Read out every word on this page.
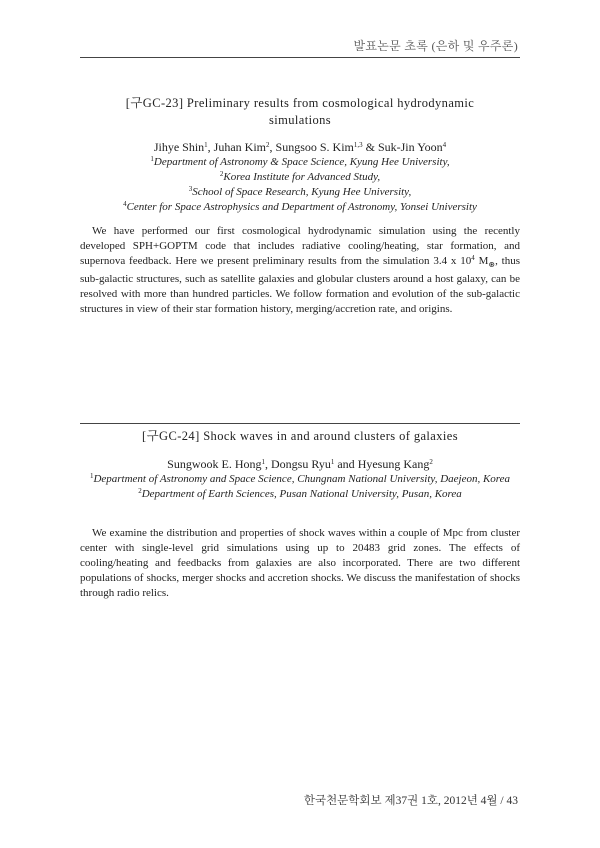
발표논문 초록 (은하 및 우주론)
[구GC-23] Preliminary results from cosmological hydrodynamic
simulations
Jihye Shin$^1$, Juhan Kim$^2$, Sungsoo S. Kim$^{1,3}$ & Suk-Jin Yoon$^4$
$^1$Department of Astronomy & Space Science, Kyung Hee University,
$^2$Korea Institute for Advanced Study,
$^3$School of Space Research, Kyung Hee University,
$^4$Center for Space Astrophysics and Department of Astronomy, Yonsei University

We have performed our first cosmological hydrodynamic simulation using the recently developed SPH+GOPTM code that includes radiative cooling/heating, star formation, and supernova feedback. Here we present preliminary results from the simulation 3.4 x $10^4$ $M_⊛$, thus sub-galactic structures, such as satellite galaxies and globular clusters around a host galaxy, can be resolved with more than hundred particles. We follow formation and evolution of the sub-galactic structures in view of their star formation history, merging/accretion rate, and origins.

[구GC-24] Shock waves in and around clusters of galaxies
Sungwook E. Hong$^1$, Dongsu Ryu$^1$ and Hyesung Kang$^2$
$^1$Department of Astronomy and Space Science, Chungnam National University, Daejeon, Korea
$^2$Department of Earth Sciences, Pusan National University, Pusan, Korea

We examine the distribution and properties of shock waves within a couple of Mpc from cluster center with single-level grid simulations using up to 20483 grid zones. The effects of cooling/heating and feedbacks from galaxies are also incorporated. There are two different populations of shocks, merger shocks and accretion shocks. We discuss the manifestation of shocks through radio relics.

한국천문학회보 제37권 1호, 2012년 4월 / 43
